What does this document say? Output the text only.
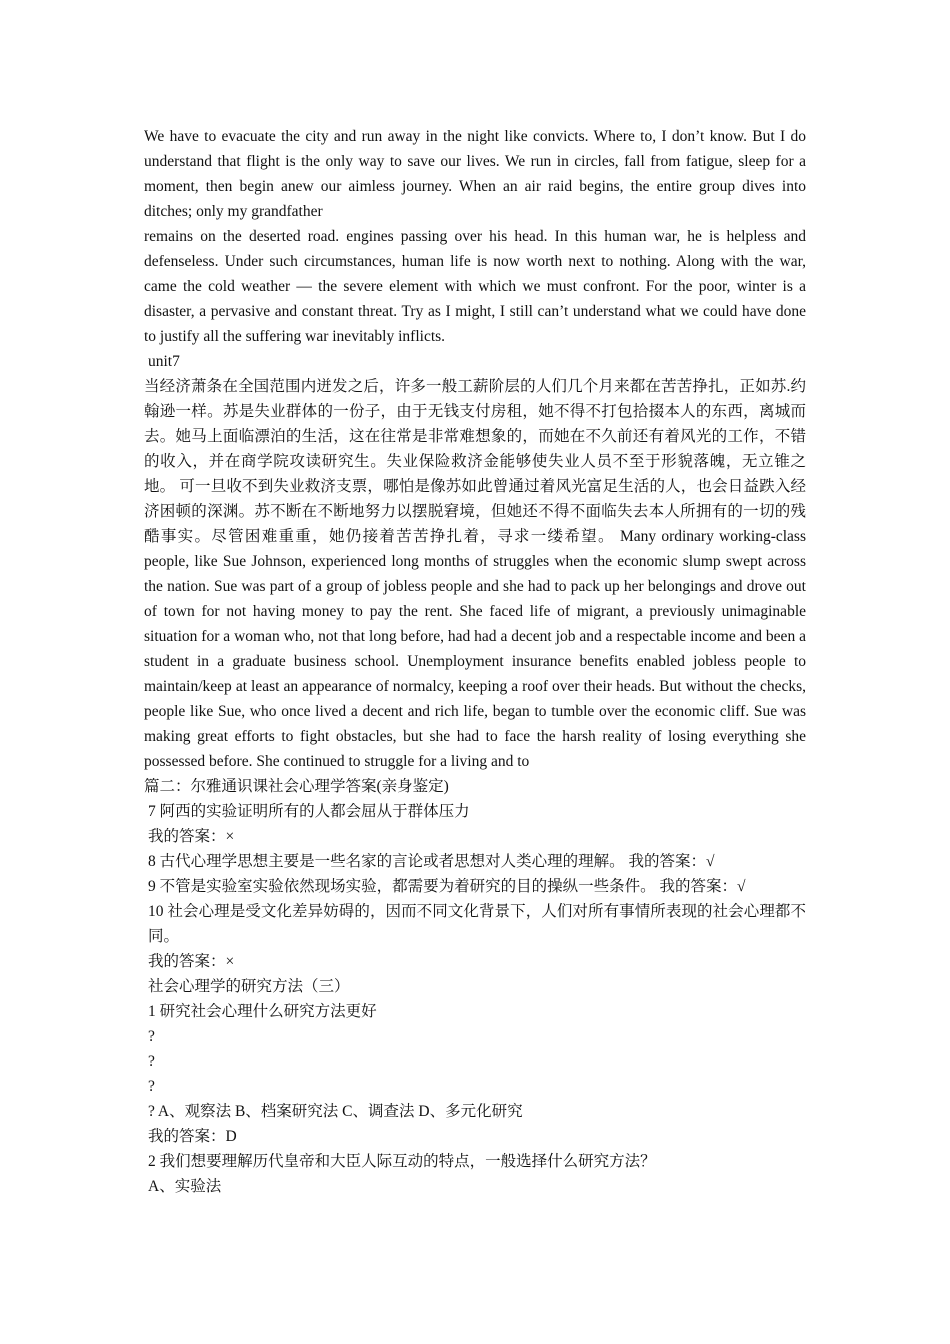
We have to evacuate the city and run away in the night like convicts. Where to, I don’t know. But I do understand that flight is the only way to save our lives. We run in circles, fall from fatigue, sleep for a moment, then begin anew our aimless journey. When an air raid begins, the entire group dives into ditches; only my grandfather

remains on the deserted road. engines passing over his head. In this human war, he is helpless and defenseless. Under such circumstances, human life is now worth next to nothing. Along with the war, came the cold weather — the severe element with which we must confront. For the poor, winter is a disaster, a pervasive and constant threat. Try as I might, I still can’t understand what we could have done to justify all the suffering war inevitably inflicts.

unit7

当经济萧条在全国范围内迸发之后，许多一般工薪阶层的人们几个月来都在苦苦挣扎，正如苏.约翰逊一样。苏是失业群体的一份子，由于无钱支付房租，她不得不打包拾掇本人的东西，离城而去。她马上面临漂泊的生活，这在往常是非常难想象的，而她在不久前还有着风光的工作，不错的收入，并在商学院攻读研究生。失业保险救济金能够使失业人员不至于形貌落魄，无立锥之地。 可一旦收不到失业救济支票，哪怕是像苏如此曾通过着风光富足生活的人，也会日益跌入经济困顿的深渊。苏不断在不断地努力以摆脱窘境，但她还不得不面临失去本人所拥有的一切的残酷事实。尽管困难重重，她仍接着苦苦挣扎着，寻求一缕希望。 Many ordinary working-class people, like Sue Johnson, experienced long months of struggles when the economic slump swept across the nation. Sue was part of a group of jobless people and she had to pack up her belongings and drove out of town for not having money to pay the rent. She faced life of migrant, a previously unimaginable situation for a woman who, not that long before, had had a decent job and a respectable income and been a student in a graduate business school. Unemployment insurance benefits enabled jobless people to maintain/keep at least an appearance of normalcy, keeping a roof over their heads. But without the checks, people like Sue, who once lived a decent and rich life, began to tumble over the economic cliff. Sue was making great efforts to fight obstacles, but she had to face the harsh reality of losing everything she possessed before. She continued to struggle for a living and to

篇二：尔雅通识课社会心理学答案(亲身鉴定)

7 阿西的实验证明所有的人都会屈从于群体压力

我的答案：×

8 古代心理学思想主要是一些名家的言论或者思想对人类心理的理解。 我的答案：√

9 不管是实验室实验依然现场实验，都需要为着研究的目的操纵一些条件。 我的答案：√

10 社会心理是受文化差异妨碍的，因而不同文化背景下，人们对所有事情所表现的社会心理都不同。

我的答案：×

社会心理学的研究方法（三）

1 研究社会心理什么研究方法更好

?

?

?

? A、观察法 B、档案研究法 C、调查法 D、多元化研究

我的答案：D

2 我们想要理解历代皇帝和大臣人际互动的特点，一般选择什么研究方法？

A、实验法
